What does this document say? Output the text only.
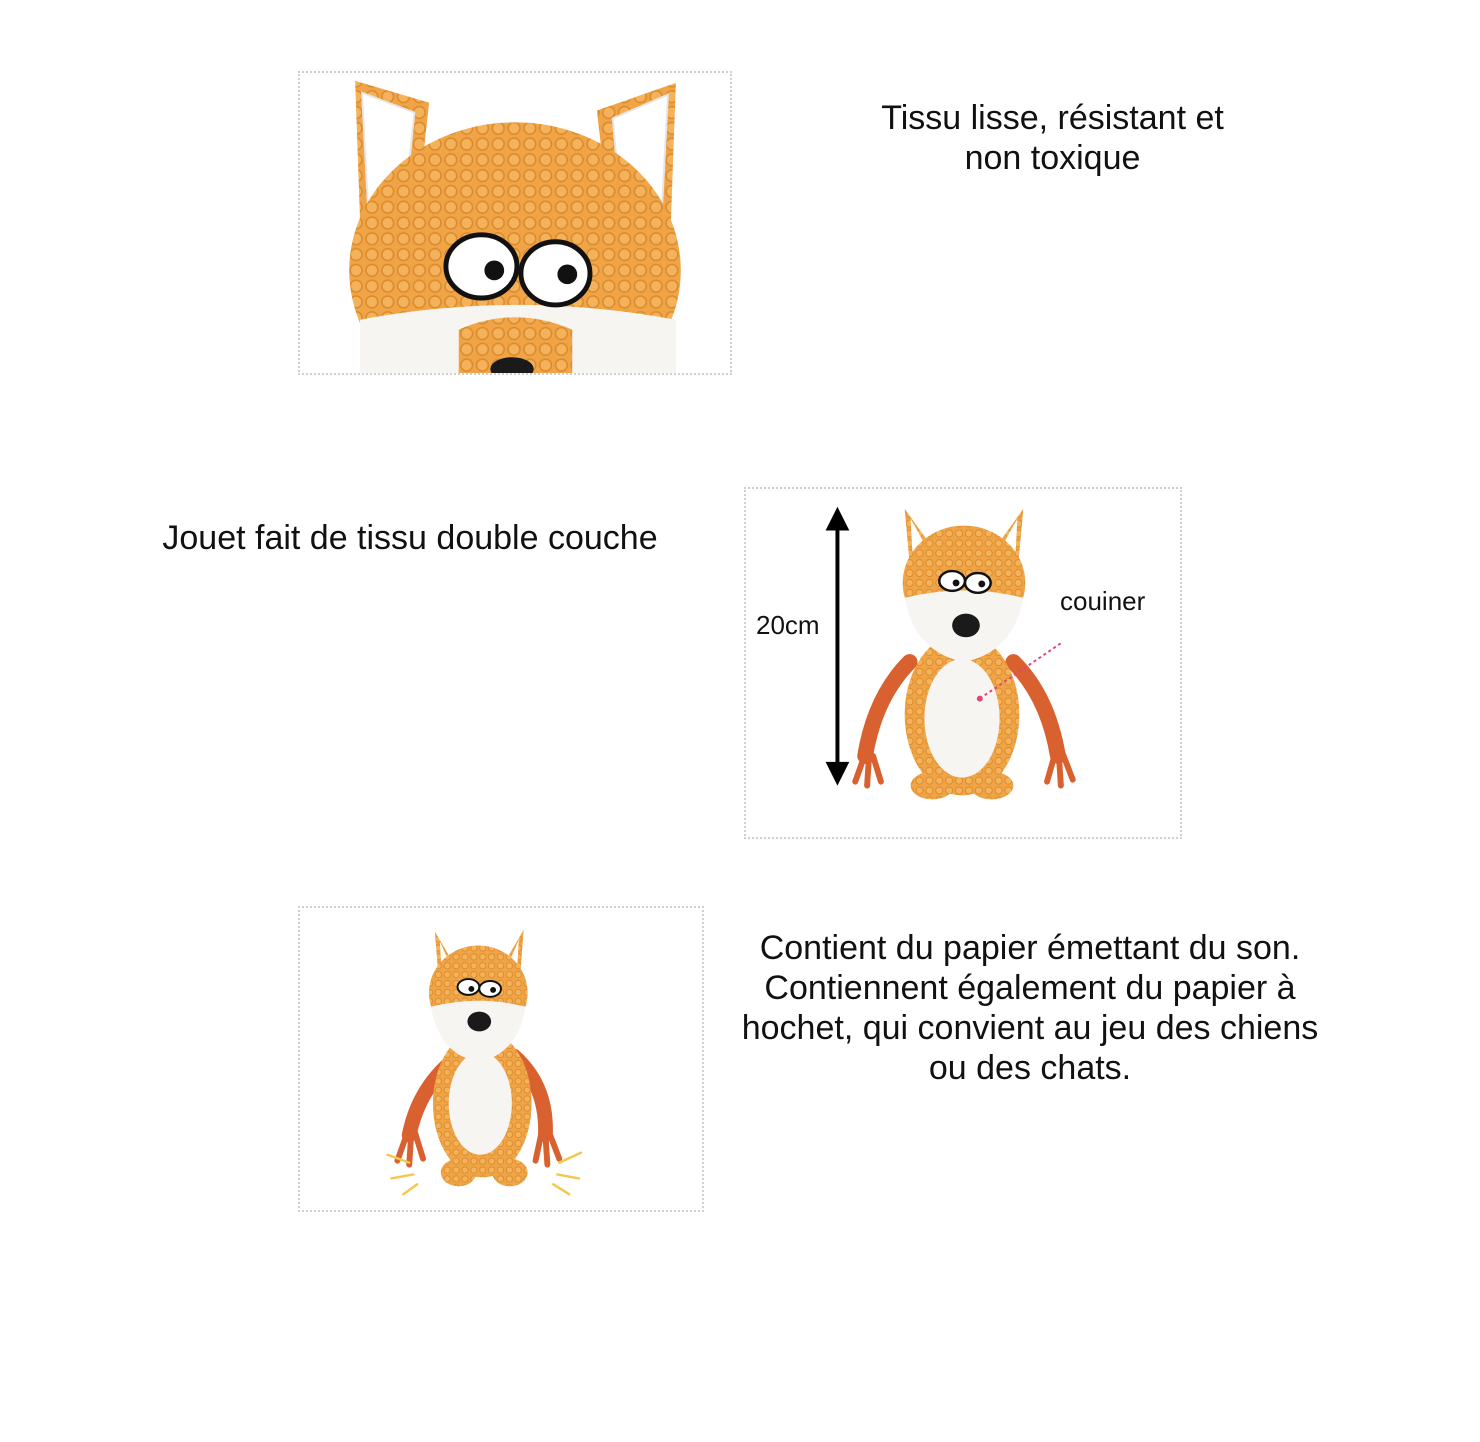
Tissu lisse, résistant et
non toxique
Jouet fait de tissu double couche
20cm
couiner
Contient du papier émettant du son.
Contiennent également du papier à
hochet, qui convient au jeu des chiens
ou des chats.
